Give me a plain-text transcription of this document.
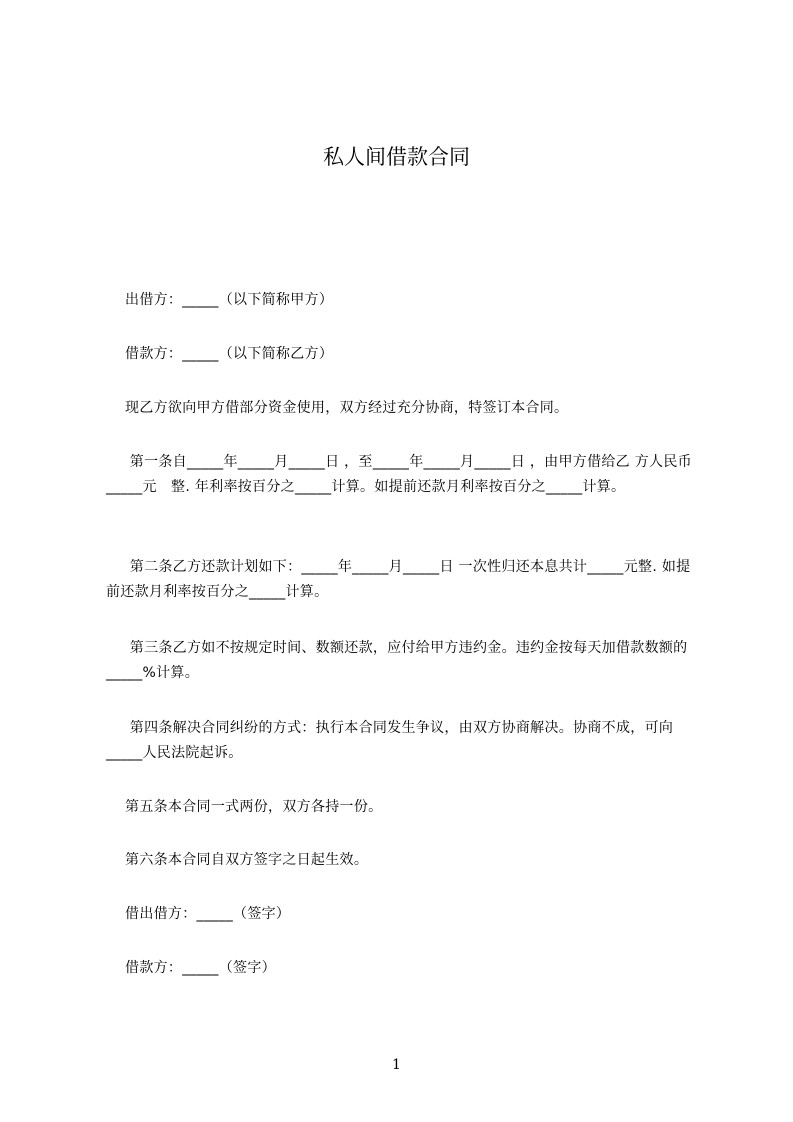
私人间借款合同
出借方：_____（以下简称甲方）
借款方：_____（以下简称乙方）
现乙方欲向甲方借部分资金使用，双方经过充分协商，特签订本合同。
第一条自_____年_____月_____日 ，至_____年_____月_____日 ，由甲方借给乙 方人民币_____元   整. 年利率按百分之_____计算。如提前还款月利率按百分之_____计算。
第二条乙方还款计划如下：_____年_____月_____日 一次性归还本息共计_____元整. 如提前还款月利率按百分之_____计算。
第三条乙方如不按规定时间、数额还款，应付给甲方违约金。违约金按每天加借款数额的_____%计算。
第四条解决合同纠纷的方式：执行本合同发生争议，由双方协商解决。协商不成，可向_____人民法院起诉。
第五条本合同一式两份，双方各持一份。
第六条本合同自双方签字之日起生效。
借出借方：_____（签字）
借款方：_____（签字）
1
